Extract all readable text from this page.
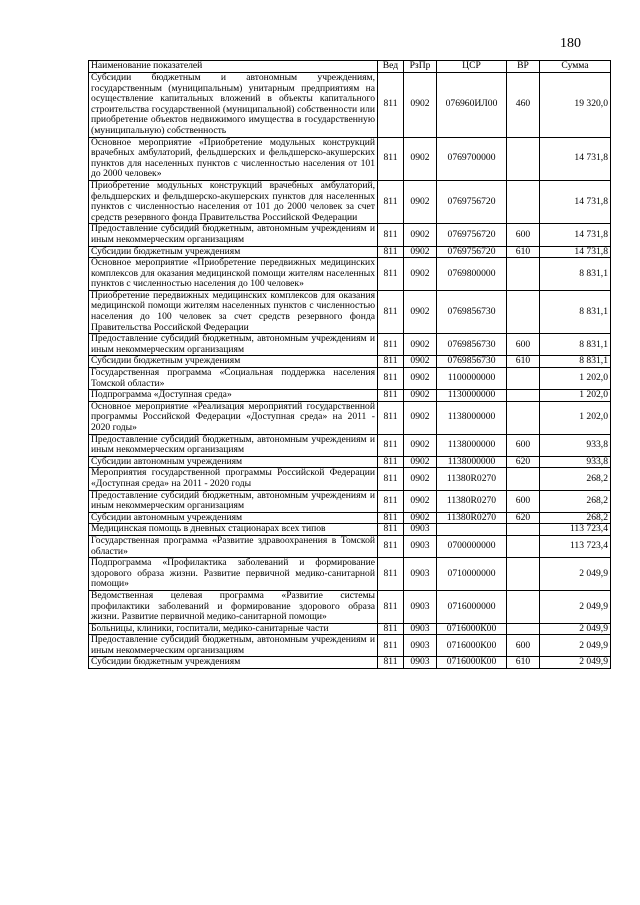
180
Наименование показателей	Вед	РзПр	ЦСР	ВР	Сумма
Субсидии бюджетным и автономным учреждениям, государственным (муниципальным) унитарным предприятиям на осуществление капитальных вложений в объекты капитального строительства государственной (муниципальной) собственности или приобретение объектов недвижимого имущества в государственную (муниципальную) собственность	811	0902	076960ИЛ00	460	19 320,0
Основное мероприятие «Приобретение модульных конструкций врачебных амбулаторий, фельдшерских и фельдшерско-акушерских пунктов для населенных пунктов с численностью населения от 101 до 2000 человек»	811	0902	0769700000		14 731,8
Приобретение модульных конструкций врачебных амбулаторий, фельдшерских и фельдшерско-акушерских пунктов для населенных пунктов с численностью населения от 101 до 2000 человек за счет средств резервного фонда Правительства Российской Федерации	811	0902	0769756720		14 731,8
Предоставление субсидий бюджетным, автономным учреждениям и иным некоммерческим организациям	811	0902	0769756720	600	14 731,8
Субсидии бюджетным учреждениям	811	0902	0769756720	610	14 731,8
Основное мероприятие «Приобретение передвижных медицинских комплексов для оказания медицинской помощи жителям населенных пунктов с численностью населения до 100 человек»	811	0902	0769800000		8 831,1
Приобретение передвижных медицинских комплексов для оказания медицинской помощи жителям населенных пунктов с численностью населения до 100 человек за счет средств резервного фонда Правительства Российской Федерации	811	0902	0769856730		8 831,1
Предоставление субсидий бюджетным, автономным учреждениям и иным некоммерческим организациям	811	0902	0769856730	600	8 831,1
Субсидии бюджетным учреждениям	811	0902	0769856730	610	8 831,1
Государственная программа «Социальная поддержка населения Томской области»	811	0902	1100000000		1 202,0
Подпрограмма «Доступная среда»	811	0902	1130000000		1 202,0
Основное мероприятие «Реализация мероприятий государственной программы Российской Федерации «Доступная среда» на 2011 - 2020 годы»	811	0902	1138000000		1 202,0
Предоставление субсидий бюджетным, автономным учреждениям и иным некоммерческим организациям	811	0902	1138000000	600	933,8
Субсидии автономным учреждениям	811	0902	1138000000	620	933,8
Мероприятия государственной программы Российской Федерации «Доступная среда» на 2011 - 2020 годы	811	0902	11380R0270		268,2
Предоставление субсидий бюджетным, автономным учреждениям и иным некоммерческим организациям	811	0902	11380R0270	600	268,2
Субсидии автономным учреждениям	811	0902	11380R0270	620	268,2
Медицинская помощь в дневных стационарах всех типов	811	0903			113 723,4
Государственная программа «Развитие здравоохранения в Томской области»	811	0903	0700000000		113 723,4
Подпрограмма «Профилактика заболеваний и формирование здорового образа жизни. Развитие первичной медико-санитарной помощи»	811	0903	0710000000		2 049,9
Ведомственная целевая программа «Развитие системы профилактики заболеваний и формирование здорового образа жизни. Развитие первичной медико-санитарной помощи»	811	0903	0716000000		2 049,9
Больницы, клиники, госпитали, медико-санитарные части	811	0903	0716000К00		2 049,9
Предоставление субсидий бюджетным, автономным учреждениям и иным некоммерческим организациям	811	0903	0716000К00	600	2 049,9
Субсидии бюджетным учреждениям	811	0903	0716000К00	610	2 049,9
